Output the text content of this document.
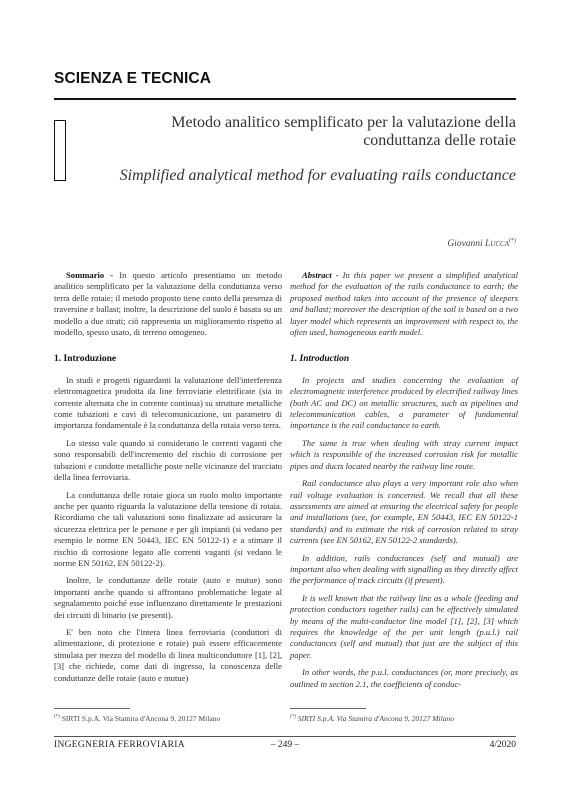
SCIENZA E TECNICA
Metodo analitico semplificato per la valutazione della conduttanza delle rotaie
Simplified analytical method for evaluating rails conductance
Giovanni Lucca(*)

Sommario - In questo articolo presentiamo un metodo analitico semplificato per la valutazione della conduttanza verso terra delle rotaie; il metodo proposto tiene conto della presenza di traversine e ballast; inoltre, la descrizione del suolo è basata su un modello a due strati; ciò rappresenta un miglioramento rispetto al modello, spesso usato, di terreno omogeneo.

1. Introduzione

In studi e progetti riguardanti la valutazione dell'interferenza elettromagnetica prodotta da line ferroviarie elettrificate (sia in corrente alternata che in corrente continua) su strutture metalliche come tubazioni e cavi di telecomunicazione, un parametro di importanza fondamentale è la conduttanza della rotaia verso terra.

Lo stesso vale quando si considerano le correnti vaganti che sono responsabili dell'incremento del rischio di corrosione per tubazioni e condotte metalliche poste nelle vicinanze del tracciato della linea ferroviaria.

La conduttanza delle rotaie gioca un ruolo molto importante anche per quanto riguarda la valutazione della tensione di rotaia. Ricordiamo che tali valutazioni sono finalizzate ad assicurare la sicurezza elettrica per le persone e per gli impianti (si vedano per esempio le norme EN 50443, IEC EN 50122-1) e a stimare il rischio di corrosione legato alle correnti vaganti (si vedano le norme EN 50162, EN 50122-2).

Inoltre, le conduttanze delle rotaie (auto e mutue) sono importanti anche quando si affrontano problematiche legate al segnalamento poiché esse influenzano direttamente le prestazioni dei circuiti di binario (se presenti).

E' ben noto che l'intera linea ferroviaria (conduttori di alimentazione, di protezione e rotaie) può essere efficacemente simulata per mezzo del modello di linea multiconduttore [1], [2], [3] che richiede, come dati di ingresso, la conoscenza delle conduttanze delle rotaie (auto e mutue)

Abstract - In this paper we present a simplified analytical method for the evaluation of the rails conductance to earth; the proposed method takes into account of the presence of sleepers and ballast; moreover the description of the soil is based on a two layer model which represents an improvement with respect to, the often used, homogeneous earth model.

1. Introduction

In projects and studies concerning the evaluation of electromagnetic interference produced by electrified railway lines (both AC and DC) on metallic structures, such as pipelines and telecommunication cables, a parameter of fundamental importance is the rail conductance to earth.

The same is true when dealing with stray current impact which is responsible of the increased corrosion risk for metallic pipes and ducts located nearby the railway line route.

Rail conductance also plays a very important role also when rail voltage evaluation is concerned. We recall that all these assessments are aimed at ensuring the electrical safety for people and installations (see, for example, EN 50443, IEC EN 50122-1 standards) and to estimate the risk of corrosion related to stray currents (see EN 50162, EN 50122-2 standards).

In addition, rails conductances (self and mutual) are important also when dealing with signalling as they directly affect the performance of track circuits (if present).

It is well known that the railway line as a whole (feeding and protection conductors together rails) can be effectively simulated by means of the multi-conductor line model [1], [2], [3] which requires the knowledge of the per unit length (p.u.l.) rail conductances (self and mutual) that just are the subject of this paper.

In other words, the p.u.l. conductances (or, more precisely, as outlined in section 2.1, the coefficients of conduc-

(*) SIRTI S.p.A. Via Stamira d'Ancona 9, 20127 Milano	(*) SIRTI S.p.A. Via Stamira d'Ancona 9, 20127 Milano
INGEGNERIA FERROVIARIA	– 249 –	4/2020
